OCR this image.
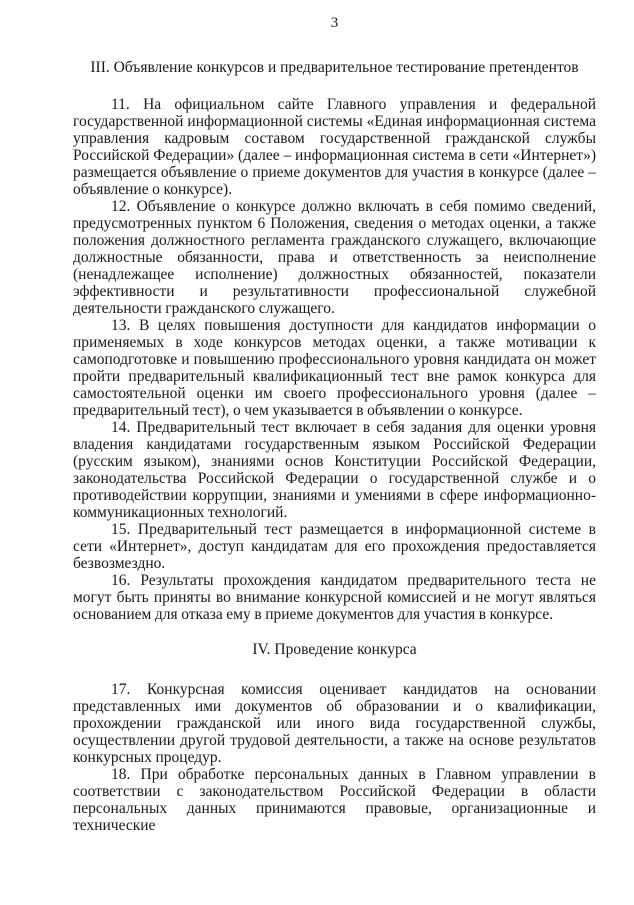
3
III. Объявление конкурсов и предварительное тестирование претендентов

11. На официальном сайте Главного управления и федеральной государственной информационной системы «Единая информационная система управления кадровым составом государственной гражданской службы Российской Федерации» (далее – информационная система в сети «Интернет») размещается объявление о приеме документов для участия в конкурсе (далее – объявление о конкурсе).

12. Объявление о конкурсе должно включать в себя помимо сведений, предусмотренных пунктом 6 Положения, сведения о методах оценки, а также положения должностного регламента гражданского служащего, включающие должностные обязанности, права и ответственность за неисполнение (ненадлежащее исполнение) должностных обязанностей, показатели эффективности и результативности профессиональной служебной деятельности гражданского служащего.

13. В целях повышения доступности для кандидатов информации о применяемых в ходе конкурсов методах оценки, а также мотивации к самоподготовке и повышению профессионального уровня кандидата он может пройти предварительный квалификационный тест вне рамок конкурса для самостоятельной оценки им своего профессионального уровня (далее – предварительный тест), о чем указывается в объявлении о конкурсе.

14. Предварительный тест включает в себя задания для оценки уровня владения кандидатами государственным языком Российской Федерации (русским языком), знаниями основ Конституции Российской Федерации, законодательства Российской Федерации о государственной службе и о противодействии коррупции, знаниями и умениями в сфере информационно-коммуникационных технологий.

15. Предварительный тест размещается в информационной системе в сети «Интернет», доступ кандидатам для его прохождения предоставляется безвозмездно.

16. Результаты прохождения кандидатом предварительного теста не могут быть приняты во внимание конкурсной комиссией и не могут являться основанием для отказа ему в приеме документов для участия в конкурсе.

IV. Проведение конкурса

17. Конкурсная комиссия оценивает кандидатов на основании представленных ими документов об образовании и о квалификации, прохождении гражданской или иного вида государственной службы, осуществлении другой трудовой деятельности, а также на основе результатов конкурсных процедур.

18. При обработке персональных данных в Главном управлении в соответствии с законодательством Российской Федерации в области персональных данных принимаются правовые, организационные и технические
